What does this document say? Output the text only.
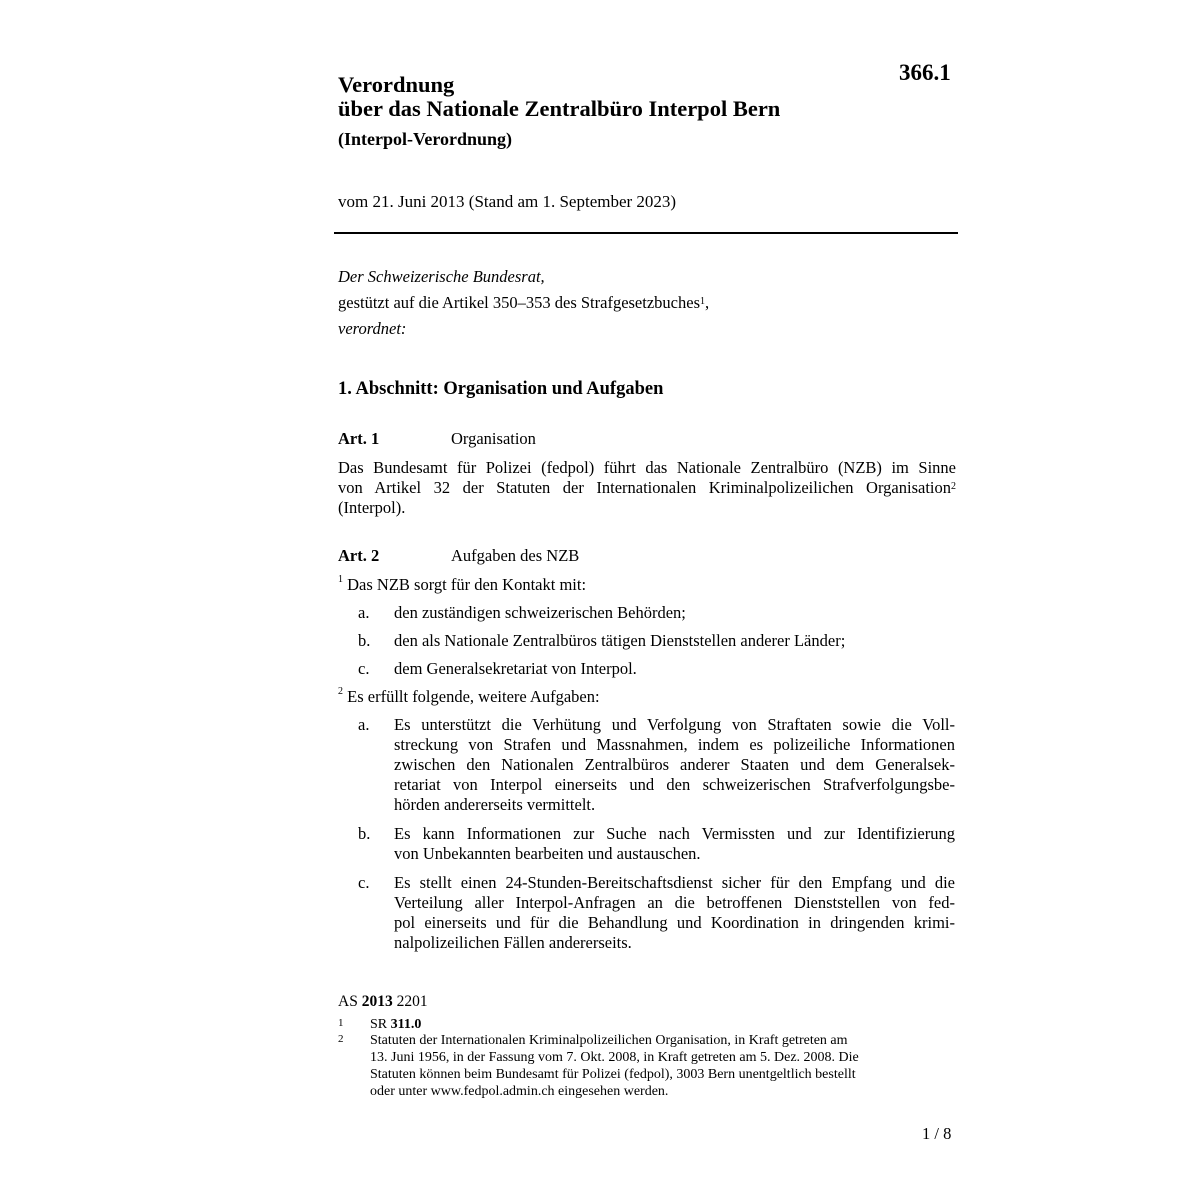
366.1
Verordnung
über das Nationale Zentralbüro Interpol Bern
(Interpol-Verordnung)
vom 21. Juni 2013 (Stand am 1. September 2023)
Der Schweizerische Bundesrat,
gestützt auf die Artikel 350–353 des Strafgesetzbuches$^1$,
verordnet:
1. Abschnitt: Organisation und Aufgaben
Art. 1	Organisation
Das Bundesamt für Polizei (fedpol) führt das Nationale Zentralbüro (NZB) im Sinne
von Artikel 32 der Statuten der Internationalen Kriminalpolizeilichen Organisation$^2$
(Interpol).
Art. 2	Aufgaben des NZB
$^1$ Das NZB sorgt für den Kontakt mit:
a. den zuständigen schweizerischen Behörden;
b. den als Nationale Zentralbüros tätigen Dienststellen anderer Länder;
c. dem Generalsekretariat von Interpol.
$^2$ Es erfüllt folgende, weitere Aufgaben:
a. Es unterstützt die Verhütung und Verfolgung von Straftaten sowie die Voll-
streckung von Strafen und Massnahmen, indem es polizeiliche Informationen
zwischen den Nationalen Zentralbüros anderer Staaten und dem Generalsek-
retariat von Interpol einerseits und den schweizerischen Strafverfolgungsbe-
hörden andererseits vermittelt.
b. Es kann Informationen zur Suche nach Vermissten und zur Identifizierung
von Unbekannten bearbeiten und austauschen.
c. Es stellt einen 24-Stunden-Bereitschaftsdienst sicher für den Empfang und die
Verteilung aller Interpol-Anfragen an die betroffenen Dienststellen von fed-
pol einerseits und für die Behandlung und Koordination in dringenden krimi-
nalpolizeilichen Fällen andererseits.
AS 2013 2201
1 SR 311.0
2 Statuten der Internationalen Kriminalpolizeilichen Organisation, in Kraft getreten am
13. Juni 1956, in der Fassung vom 7. Okt. 2008, in Kraft getreten am 5. Dez. 2008. Die
Statuten können beim Bundesamt für Polizei (fedpol), 3003 Bern unentgeltlich bestellt
oder unter www.fedpol.admin.ch eingesehen werden.
1 / 8
